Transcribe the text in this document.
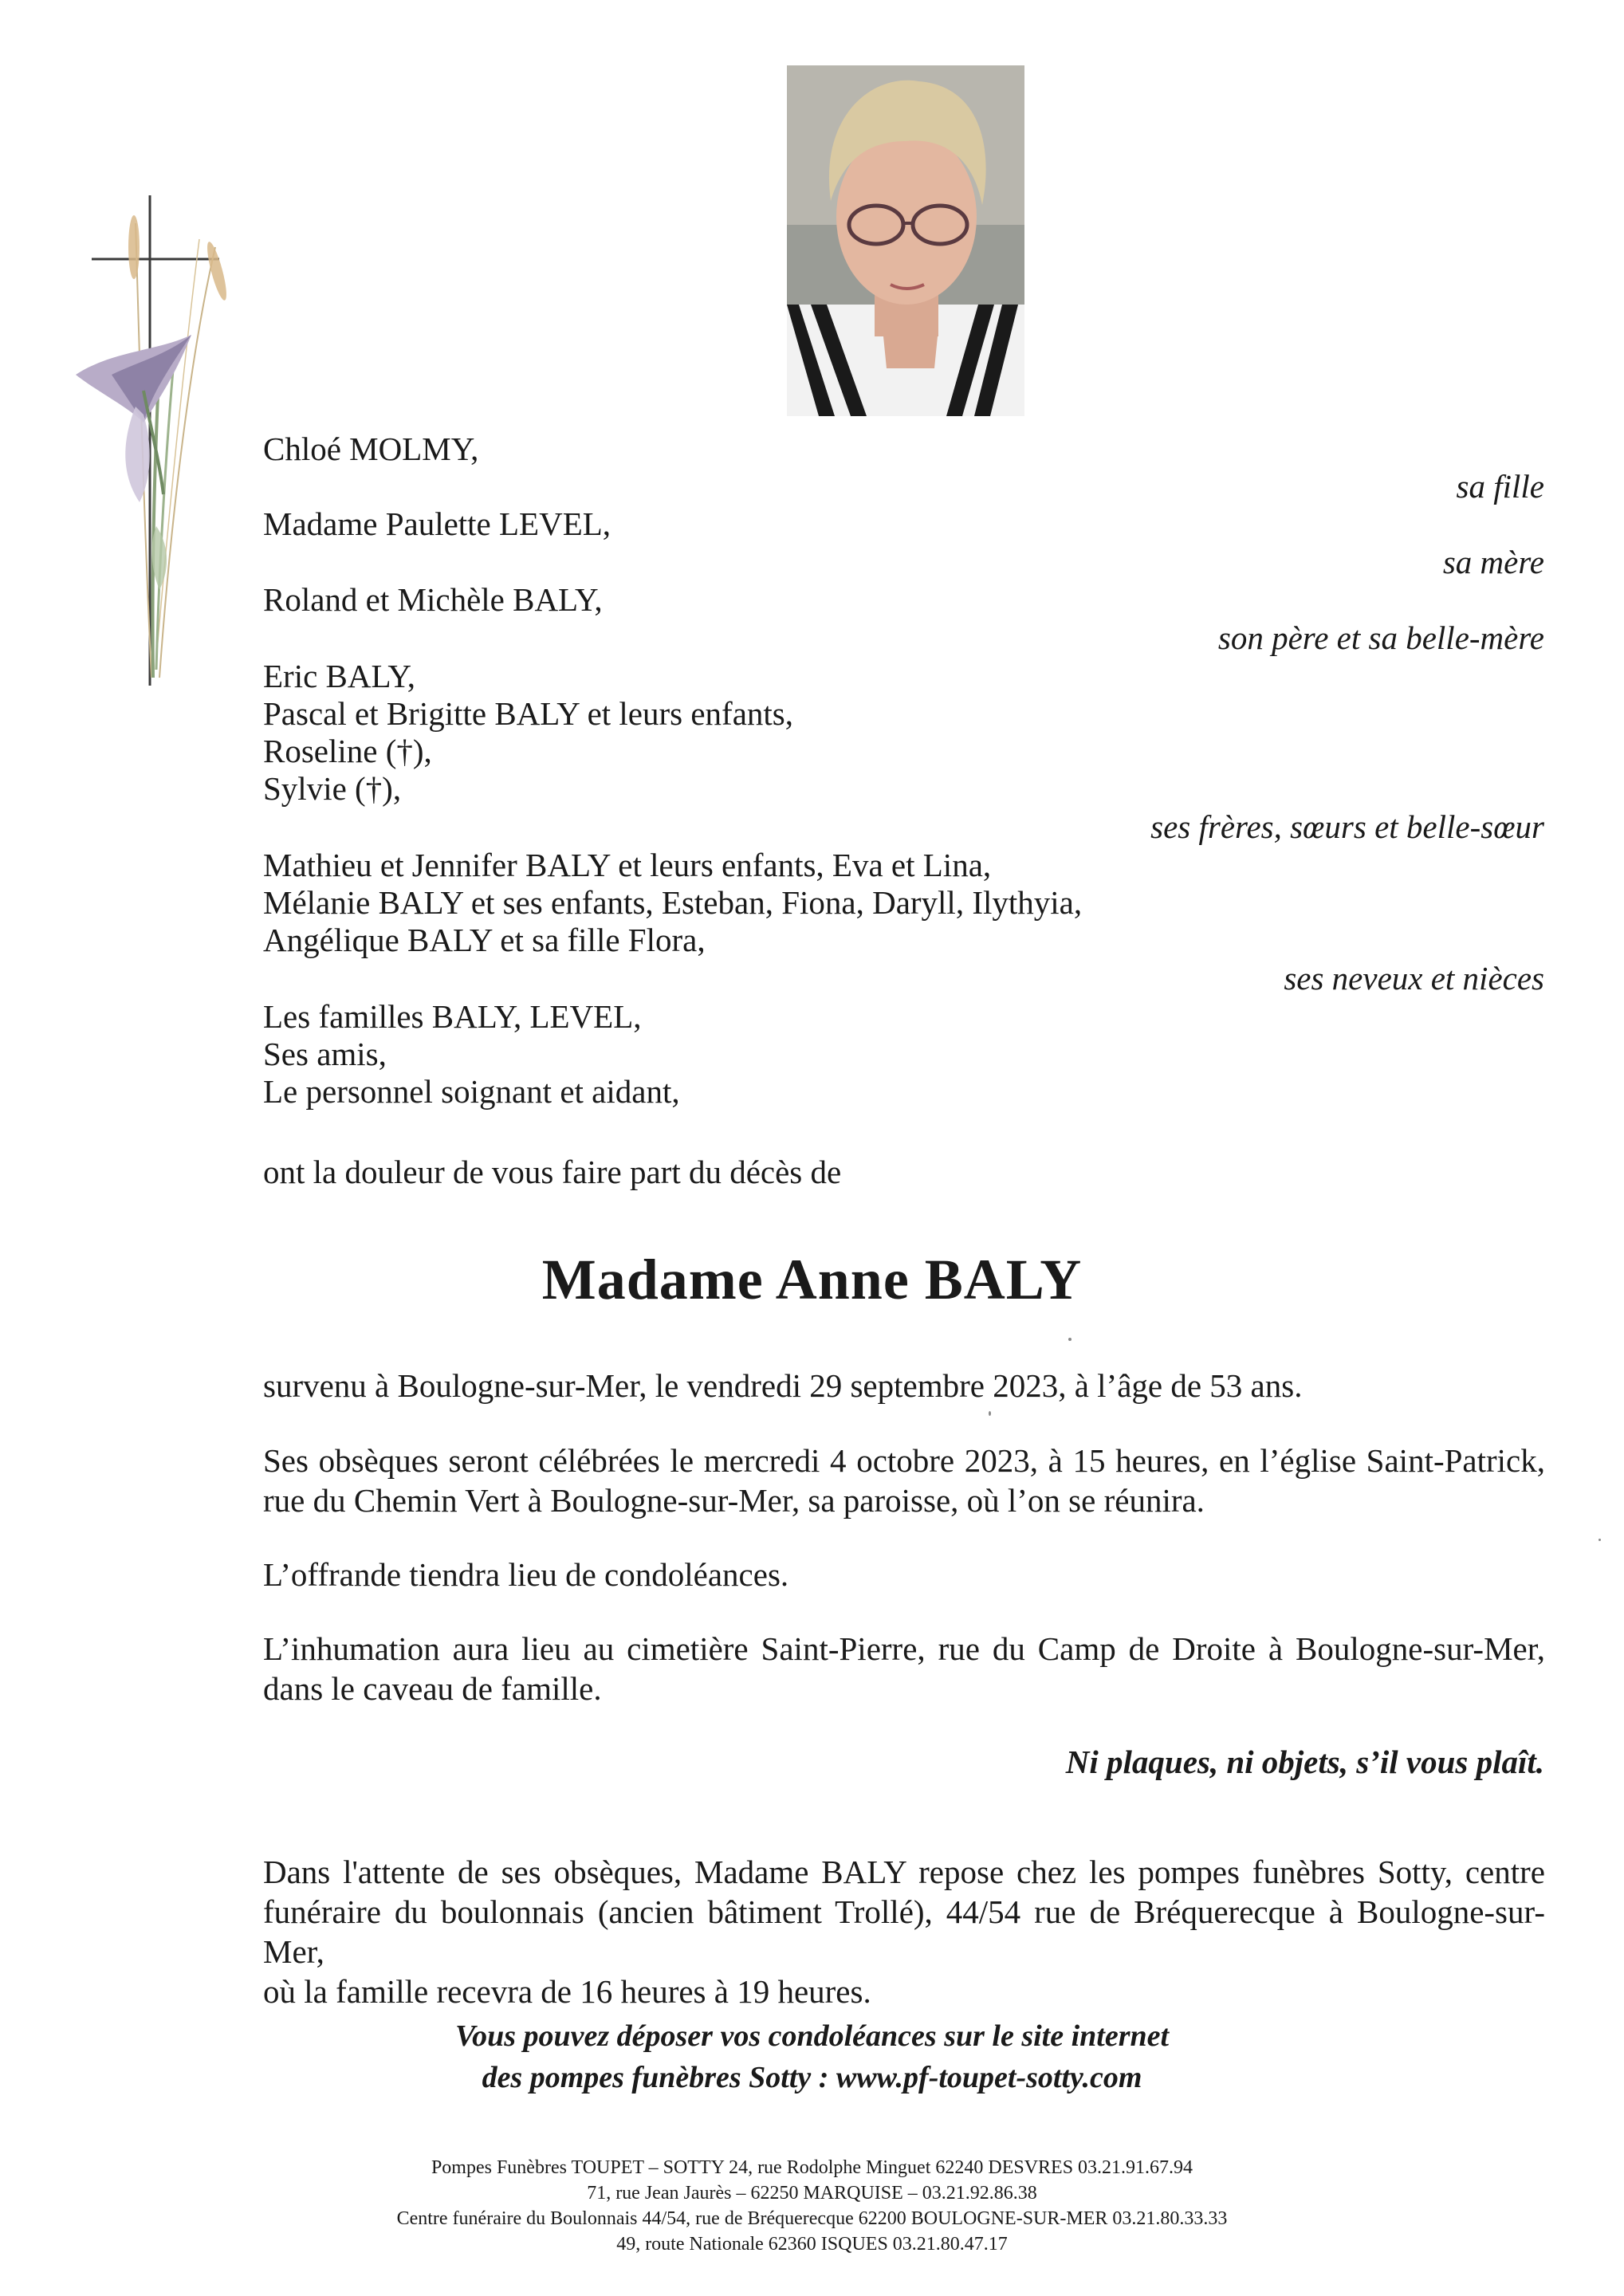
Chloé MOLMY,
sa fille
Madame Paulette LEVEL,
sa mère
Roland et Michèle BALY,
son père et sa belle-mère
Eric BALY,
Pascal et Brigitte BALY et leurs enfants,
Roseline (†),
Sylvie (†),
ses frères, sœurs et belle-sœur
Mathieu et Jennifer BALY et leurs enfants, Eva et Lina,
Mélanie BALY et ses enfants, Esteban, Fiona, Daryll, Ilythyia,
Angélique BALY et sa fille Flora,
ses neveux et nièces
Les familles BALY, LEVEL,
Ses amis,
Le personnel soignant et aidant,
ont la douleur de vous faire part du décès de
Madame Anne BALY
survenu à Boulogne-sur-Mer, le vendredi 29 septembre 2023, à l’âge de 53 ans.
Ses obsèques seront célébrées le mercredi 4 octobre 2023, à 15 heures, en l’église Saint-Patrick,
rue du Chemin Vert à Boulogne-sur-Mer, sa paroisse, où l’on se réunira.
L’offrande tiendra lieu de condoléances.
L’inhumation aura lieu au cimetière Saint-Pierre, rue du Camp de Droite à Boulogne-sur-Mer,
dans le caveau de famille.
Ni plaques, ni objets, s’il vous plaît.
Dans l'attente de ses obsèques, Madame BALY repose chez les pompes funèbres Sotty, centre
funéraire du boulonnais (ancien bâtiment Trollé), 44/54 rue de Bréquerecque à Boulogne-sur-Mer,
où la famille recevra de 16 heures à 19 heures.
Vous pouvez déposer vos condoléances sur le site internet
des pompes funèbres Sotty : www.pf-toupet-sotty.com
Pompes Funèbres TOUPET – SOTTY 24, rue Rodolphe Minguet 62240 DESVRES 03.21.91.67.94
71, rue Jean Jaurès – 62250 MARQUISE – 03.21.92.86.38
Centre funéraire du Boulonnais 44/54, rue de Bréquerecque 62200 BOULOGNE-SUR-MER 03.21.80.33.33
49, route Nationale 62360 ISQUES 03.21.80.47.17
